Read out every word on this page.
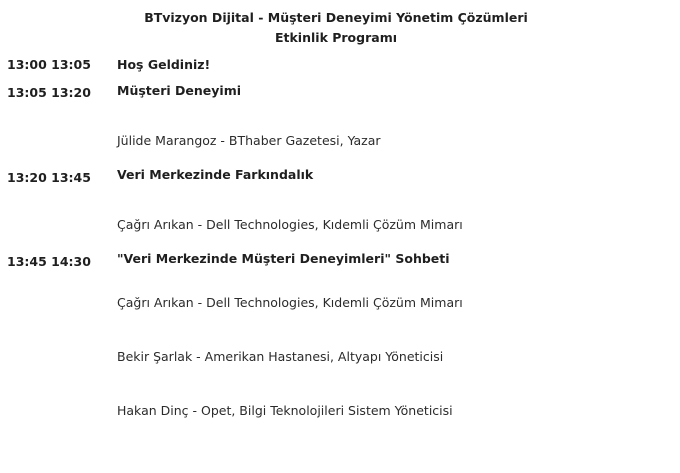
BTvizyon Dijital - Müşteri Deneyimi Yönetim Çözümleri
Etkinlik Programı
13:00 13:05 Hoş Geldiniz!
13:05 13:20 Müşteri Deneyimi
Jülide Marangoz - BThaber Gazetesi, Yazar
13:20 13:45 Veri Merkezinde Farkındalık
Çağrı Arıkan - Dell Technologies, Kıdemli Çözüm Mimarı
13:45 14:30 "Veri Merkezinde Müşteri Deneyimleri" Sohbeti
Çağrı Arıkan - Dell Technologies, Kıdemli Çözüm Mimarı
Bekir Şarlak - Amerikan Hastanesi, Altyapı Yöneticisi
Hakan Dinç - Opet, Bilgi Teknolojileri Sistem Yöneticisi
